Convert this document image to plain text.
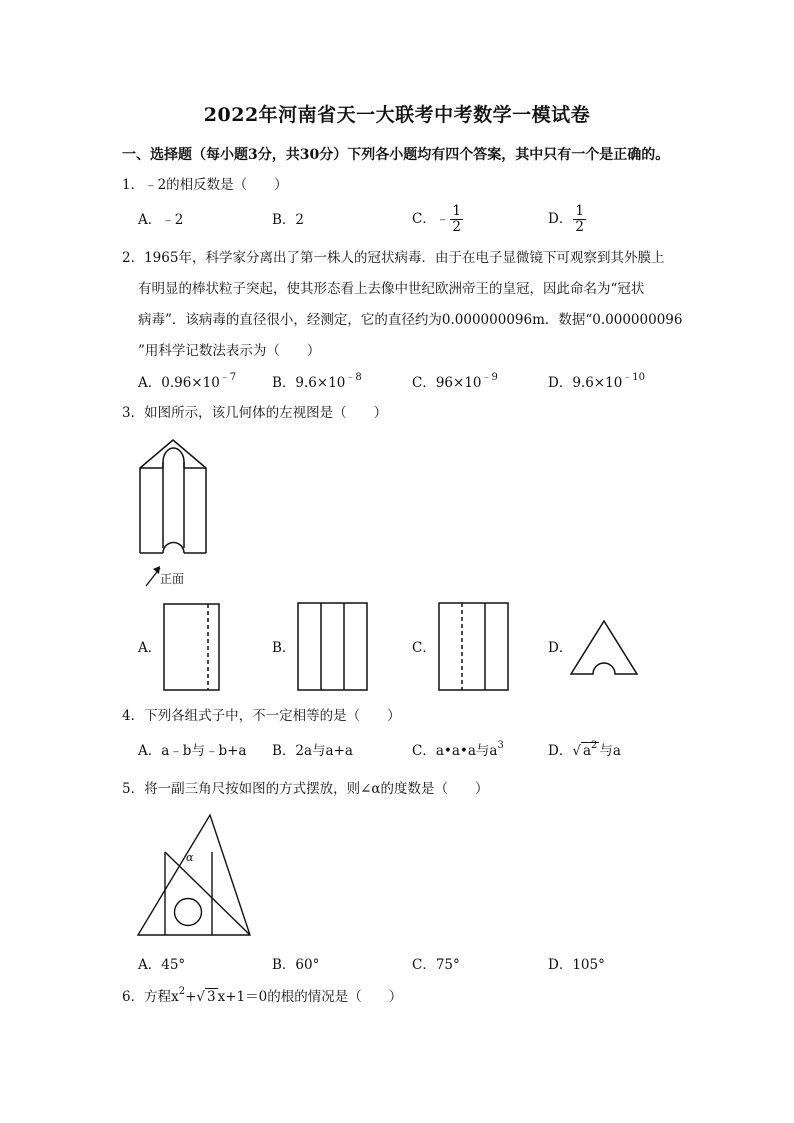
2022年河南省天一大联考中考数学一模试卷
一、选择题（每小题3分，共30分）下列各小题均有四个答案，其中只有一个是正确的。
1．﹣2的相反数是（　　）
A．﹣2	B．2	C．﹣ $\frac{1}{2}$	D． $\frac{1}{2}$
2．1965年，科学家分离出了第一株人的冠状病毒．由于在电子显微镜下可观察到其外膜上
有明显的棒状粒子突起，使其形态看上去像中世纪欧洲帝王的皇冠，因此命名为“冠状
病毒”．该病毒的直径很小，经测定，它的直径约为0.000000096m．数据“0.000000096
”用科学记数法表示为（　　）
A．$0.96\times 10^{﹣7}$	B．$9.6\times 10^{﹣8}$	C．$96\times 10^{﹣9}$	D．$9.6\times 10^{﹣10}$
3．如图所示，该几何体的左视图是（　　）
正面
A．	B．	C．	D．
4．下列各组式子中，不一定相等的是（　　）
A．a﹣b与﹣b+a B．2a与a+a	C．a•a•a与$a^3$	D．√ $a^2$ 与a
5．将一副三角尺按如图的方式摆放，则∠α的度数是（　　）
α
A．45°	B．60°	C．75°	D．105°
6．方程$x^2+√$ 3 x+1＝0的根的情况是（　　）
